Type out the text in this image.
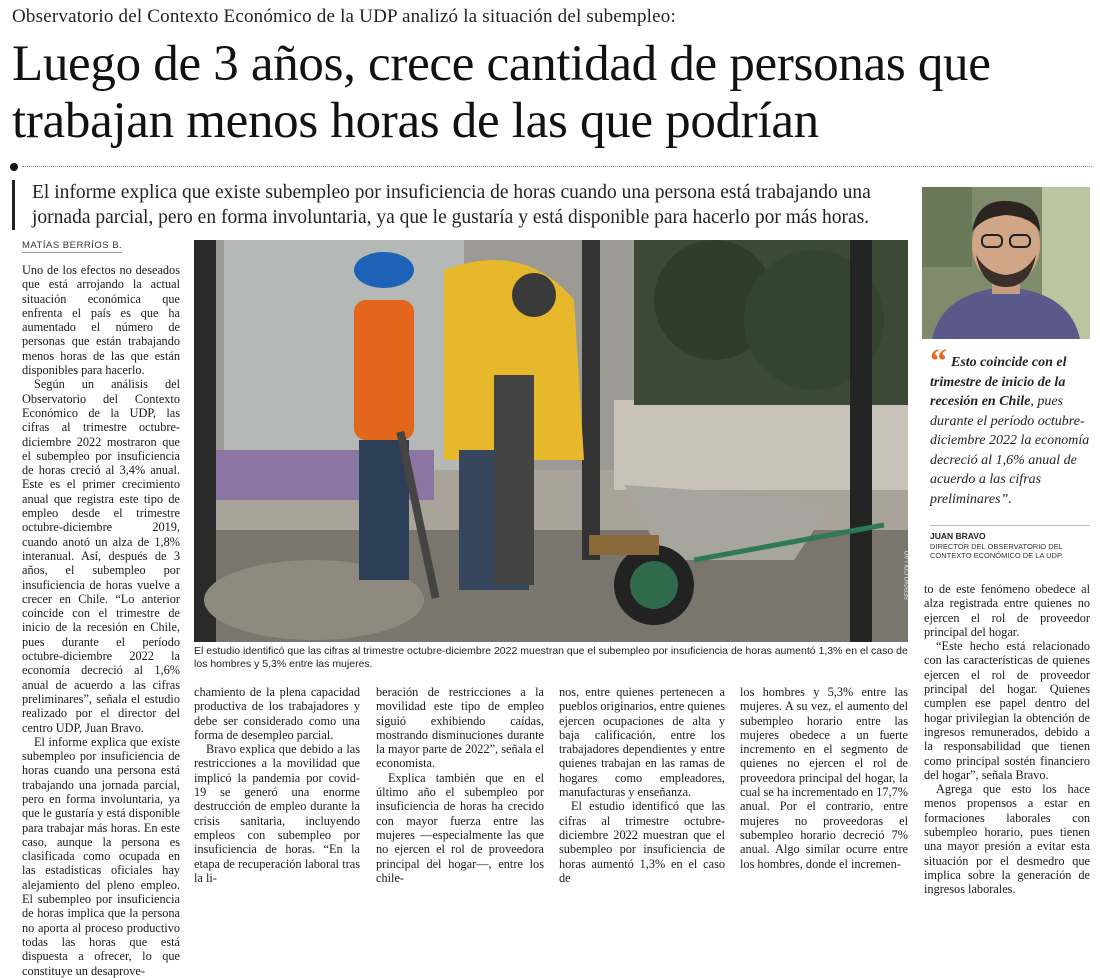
Observatorio del Contexto Económico de la UDP analizó la situación del subempleo:
Luego de 3 años, crece cantidad de personas que trabajan menos horas de las que podrían
El informe explica que existe subempleo por insuficiencia de horas cuando una persona está trabajando una jornada parcial, pero en forma involuntaria, ya que le gustaría y está disponible para hacerlo por más horas.
MATÍAS BERRÍOS B.

Uno de los efectos no deseados que está arrojando la actual situación económica que enfrenta el país es que ha aumentado el número de personas que están trabajando menos horas de las que están disponibles para hacerlo.

Según un análisis del Observatorio del Contexto Económico de la UDP, las cifras al trimestre octubre-diciembre 2022 mostraron que el subempleo por insuficiencia de horas creció al 3,4% anual. Este es el primer crecimiento anual que registra este tipo de empleo desde el trimestre octubre-diciembre 2019, cuando anotó un alza de 1,8% interanual. Así, después de 3 años, el subempleo por insuficiencia de horas vuelve a crecer en Chile. “Lo anterior coincide con el trimestre de inicio de la recesión en Chile, pues durante el período octubre-diciembre 2022 la economía decreció al 1,6% anual de acuerdo a las cifras preliminares”, señala el estudio realizado por el director del centro UDP, Juan Bravo.

El informe explica que existe subempleo por insuficiencia de horas cuando una persona está trabajando una jornada parcial, pero en forma involuntaria, ya que le gustaría y está disponible para trabajar más horas. En este caso, aunque la persona es clasificada como ocupada en las estadísticas oficiales hay alejamiento del pleno empleo. El subempleo por insuficiencia de horas implica que la persona no aporta al proceso productivo todas las horas que está dispuesta a ofrecer, lo que constituye un desaprove-

SERGIO COLLAO
El estudio identificó que las cifras al trimestre octubre-diciembre 2022 muestran que el subempleo por insuficiencia de horas aumentó 1,3% en el caso de los hombres y 5,3% entre las mujeres.
“ Esto coincide con el trimestre de inicio de la recesión en Chile, pues durante el período octubre-diciembre 2022 la economía decreció al 1,6% anual de acuerdo a las cifras preliminares”.
JUAN BRAVO
DIRECTOR DEL OBSERVATORIO DEL CONTEXTO ECONÓMICO DE LA UDP.

chamiento de la plena capacidad productiva de los trabajadores y debe ser considerado como una forma de desempleo parcial.

Bravo explica que debido a las restricciones a la movilidad que implicó la pandemia por covid-19 se generó una enorme destrucción de empleo durante la crisis sanitaria, incluyendo empleos con subempleo por insuficiencia de horas. “En la etapa de recuperación laboral tras la li-

beración de restricciones a la movilidad este tipo de empleo siguió exhibiendo caídas, mostrando disminuciones durante la mayor parte de 2022”, señala el economista.

Explica también que en el último año el subempleo por insuficiencia de horas ha crecido con mayor fuerza entre las mujeres —especialmente las que no ejercen el rol de proveedora principal del hogar—, entre los chile-

nos, entre quienes pertenecen a pueblos originarios, entre quienes ejercen ocupaciones de alta y baja calificación, entre los trabajadores dependientes y entre quienes trabajan en las ramas de hogares como empleadores, manufacturas y enseñanza.

El estudio identificó que las cifras al trimestre octubre-diciembre 2022 muestran que el subempleo por insuficiencia de horas aumentó 1,3% en el caso de

los hombres y 5,3% entre las mujeres. A su vez, el aumento del subempleo horario entre las mujeres obedece a un fuerte incremento en el segmento de quienes no ejercen el rol de proveedora principal del hogar, la cual se ha incrementado en 17,7% anual. Por el contrario, entre mujeres no proveedoras el subempleo horario decreció 7% anual. Algo similar ocurre entre los hombres, donde el incremen-

to de este fenómeno obedece al alza registrada entre quienes no ejercen el rol de proveedor principal del hogar.

“Este hecho está relacionado con las características de quienes ejercen el rol de proveedor principal del hogar. Quienes cumplen ese papel dentro del hogar privilegian la obtención de ingresos remunerados, debido a la responsabilidad que tienen como principal sostén financiero del hogar”, señala Bravo.

Agrega que esto los hace menos propensos a estar en formaciones laborales con subempleo horario, pues tienen una mayor presión a evitar esta situación por el desmedro que implica sobre la generación de ingresos laborales.
